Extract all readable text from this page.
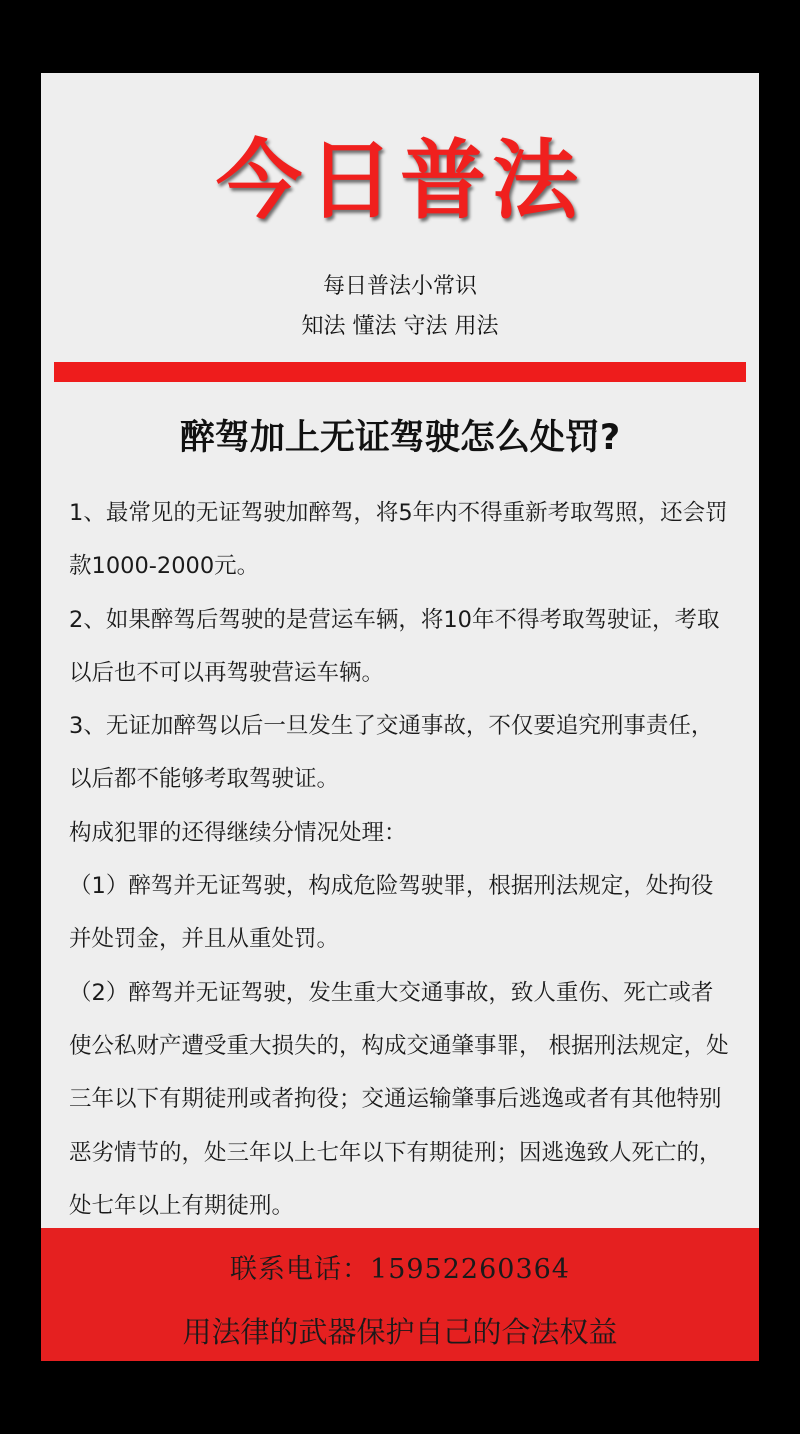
今日普法
每日普法小常识
知法 懂法 守法 用法
醉驾加上无证驾驶怎么处罚?

1、最常见的无证驾驶加醉驾，将5年内不得重新考取驾照，还会罚款1000-2000元。

2、如果醉驾后驾驶的是营运车辆，将10年不得考取驾驶证，考取以后也不可以再驾驶营运车辆。

3、无证加醉驾以后一旦发生了交通事故，不仅要追究刑事责任，以后都不能够考取驾驶证。

构成犯罪的还得继续分情况处理：

（1）醉驾并无证驾驶，构成危险驾驶罪，根据刑法规定，处拘役并处罚金，并且从重处罚。

（2）醉驾并无证驾驶，发生重大交通事故，致人重伤、死亡或者使公私财产遭受重大损失的，构成交通肇事罪， 根据刑法规定，处三年以下有期徒刑或者拘役；交通运输肇事后逃逸或者有其他特别恶劣情节的，处三年以上七年以下有期徒刑；因逃逸致人死亡的，处七年以上有期徒刑。

联系电话：15952260364
用法律的武器保护自己的合法权益
